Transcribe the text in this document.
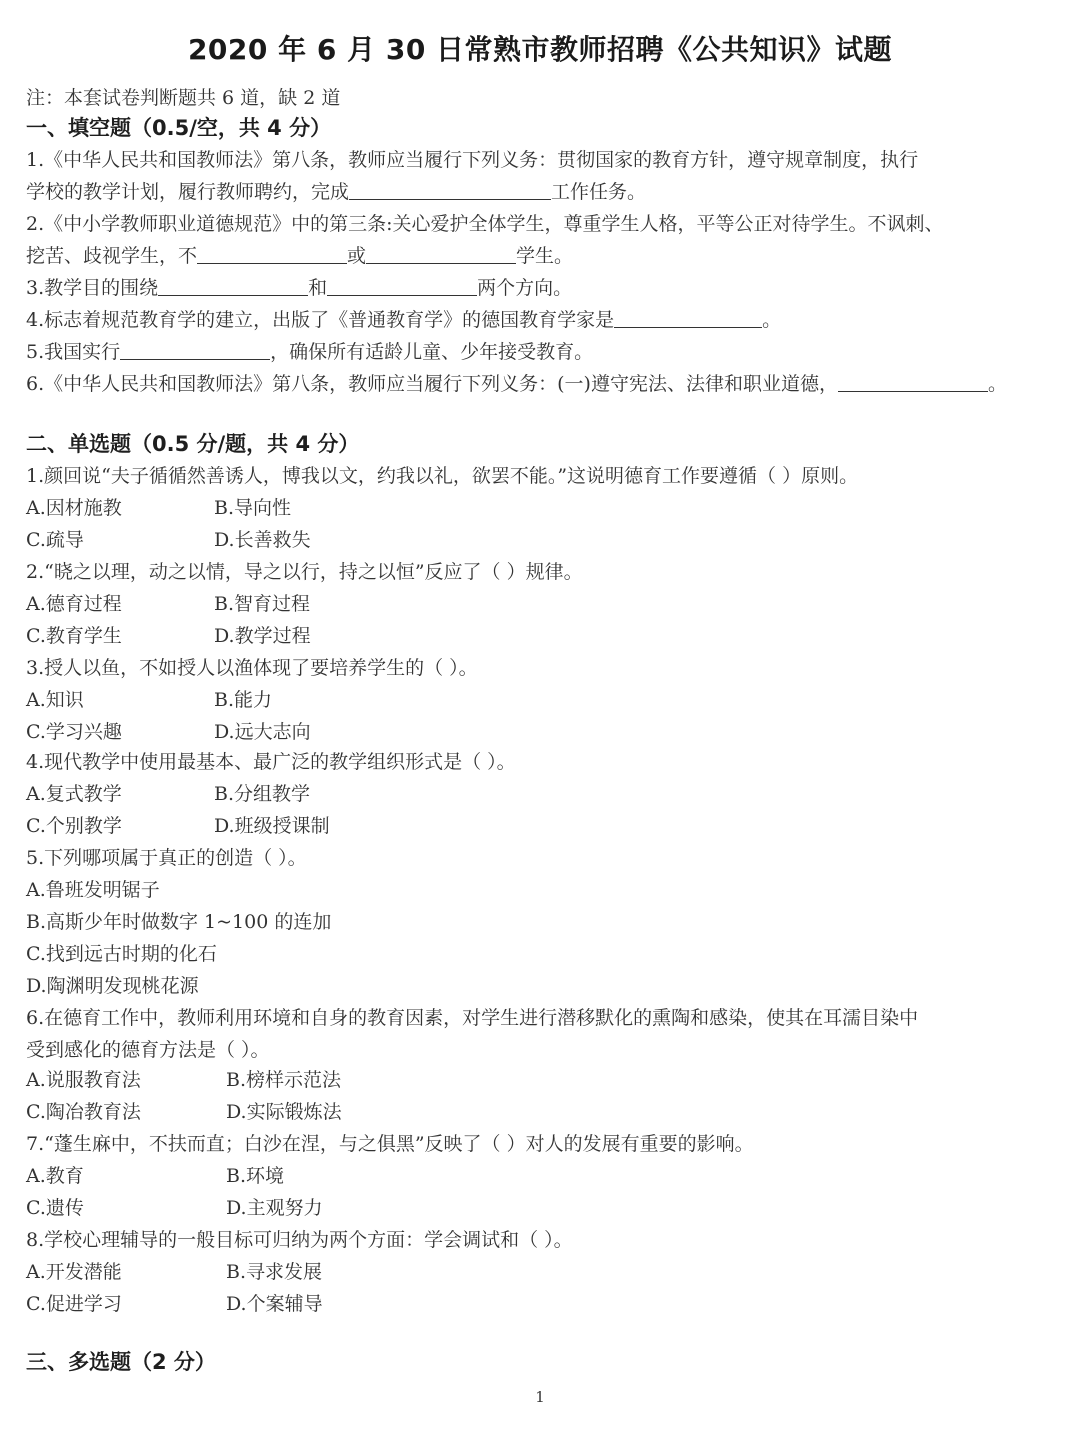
2020 年 6 月 30 日常熟市教师招聘《公共知识》试题
注：本套试卷判断题共 6 道，缺 2 道
一、填空题（0.5/空，共 4 分）
1.《中华人民共和国教师法》第八条，教师应当履行下列义务：贯彻国家的教育方针，遵守规章制度，执行
学校的教学计划，履行教师聘约，完成	工作任务。
2.《中小学教师职业道德规范》中的第三条:关心爱护全体学生，尊重学生人格，平等公正对待学生。不讽刺、
挖苦、歧视学生，不	或	学生。
3.教学目的围绕	和	两个方向。
4.标志着规范教育学的建立，出版了《普通教育学》的德国教育学家是	。
5.我国实行	，确保所有适龄儿童、少年接受教育。
6.《中华人民共和国教师法》第八条，教师应当履行下列义务：(一)遵守宪法、法律和职业道德，	。
二、单选题（0.5 分/题，共 4 分）
1.颜回说“夫子循循然善诱人，博我以文，约我以礼，欲罢不能。”这说明德育工作要遵循（ ）原则。
A.因材施教	B.导向性
C.疏导	D.长善救失
2.“晓之以理，动之以情，导之以行，持之以恒”反应了（ ）规律。
A.德育过程	B.智育过程
C.教育学生	D.教学过程
3.授人以鱼，不如授人以渔体现了要培养学生的（ ）。
A.知识	B.能力
C.学习兴趣	D.远大志向
4.现代教学中使用最基本、最广泛的教学组织形式是（ ）。
A.复式教学	B.分组教学
C.个别教学	D.班级授课制
5.下列哪项属于真正的创造（ ）。
A.鲁班发明锯子
B.高斯少年时做数字 1~100 的连加
C.找到远古时期的化石
D.陶渊明发现桃花源
6.在德育工作中，教师利用环境和自身的教育因素，对学生进行潜移默化的熏陶和感染，使其在耳濡目染中
受到感化的德育方法是（ ）。
A.说服教育法	B.榜样示范法
C.陶冶教育法	D.实际锻炼法
7.“蓬生麻中，不扶而直；白沙在涅，与之俱黑”反映了（ ）对人的发展有重要的影响。
A.教育	B.环境
C.遗传	D.主观努力
8.学校心理辅导的一般目标可归纳为两个方面：学会调试和（ ）。
A.开发潜能	B.寻求发展
C.促进学习	D.个案辅导
三、多选题（2 分）
1
